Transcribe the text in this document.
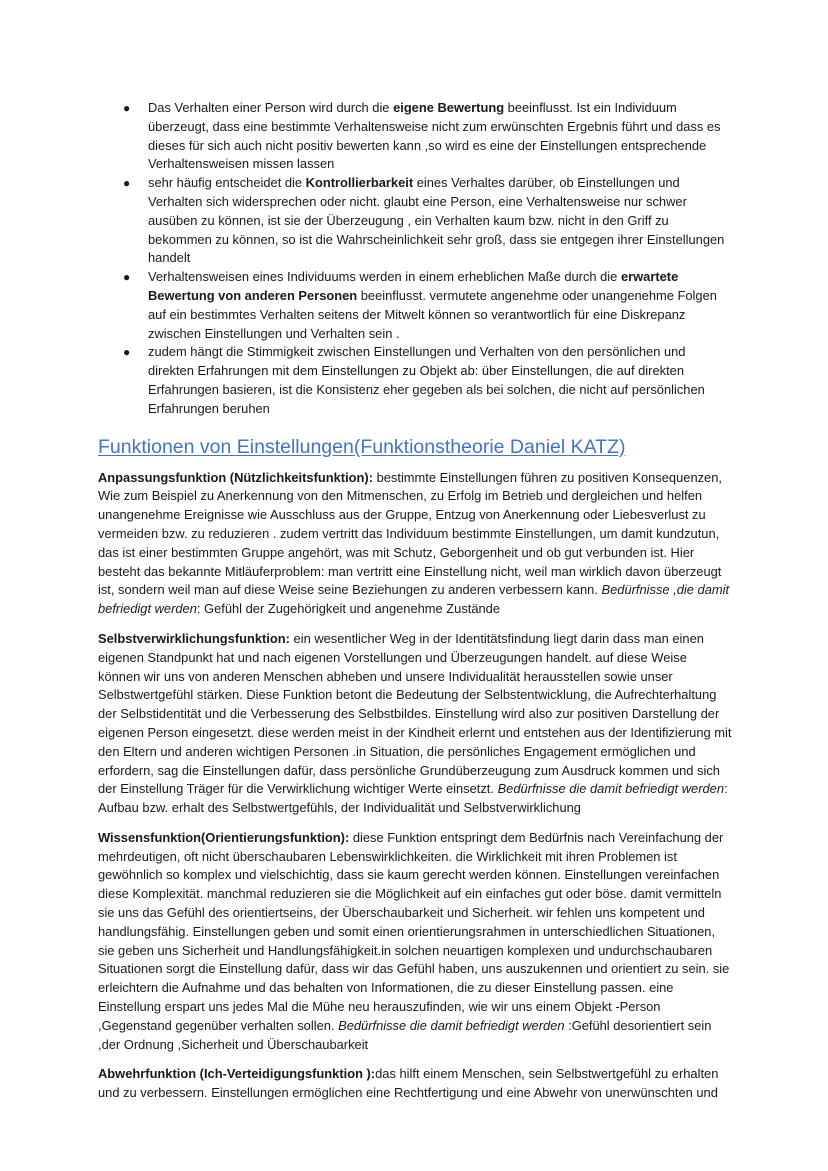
● Das Verhalten einer Person wird durch die eigene Bewertung beeinflusst. Ist ein Individuum überzeugt, dass eine bestimmte Verhaltensweise nicht zum erwünschten Ergebnis führt und dass es dieses für sich auch nicht positiv bewerten kann ,so wird es eine der Einstellungen entsprechende Verhaltensweisen missen lassen
● sehr häufig entscheidet die Kontrollierbarkeit eines Verhaltes darüber, ob Einstellungen und Verhalten sich widersprechen oder nicht. glaubt eine Person, eine Verhaltensweise nur schwer ausüben zu können, ist sie der Überzeugung , ein Verhalten kaum bzw. nicht in den Griff zu bekommen zu können, so ist die Wahrscheinlichkeit sehr groß, dass sie entgegen ihrer Einstellungen handelt
● Verhaltensweisen eines Individuums werden in einem erheblichen Maße durch die erwartete Bewertung von anderen Personen beeinflusst. vermutete angenehme oder unangenehme Folgen auf ein bestimmtes Verhalten seitens der Mitwelt können so verantwortlich für eine Diskrepanz zwischen Einstellungen und Verhalten sein .
● zudem hängt die Stimmigkeit zwischen Einstellungen und Verhalten von den persönlichen und direkten Erfahrungen mit dem Einstellungen zu Objekt ab: über Einstellungen, die auf direkten Erfahrungen basieren, ist die Konsistenz eher gegeben als bei solchen, die nicht auf persönlichen Erfahrungen beruhen
Funktionen von Einstellungen(Funktionstheorie Daniel KATZ)

Anpassungsfunktion (Nützlichkeitsfunktion): bestimmte Einstellungen führen zu positiven Konsequenzen, Wie zum Beispiel zu Anerkennung von den Mitmenschen, zu Erfolg im Betrieb und dergleichen und helfen unangenehme Ereignisse wie Ausschluss aus der Gruppe, Entzug von Anerkennung oder Liebesverlust zu vermeiden bzw. zu reduzieren . zudem vertritt das Individuum bestimmte Einstellungen, um damit kundzutun, das ist einer bestimmten Gruppe angehört, was mit Schutz, Geborgenheit und ob gut verbunden ist. Hier besteht das bekannte Mitläuferproblem: man vertritt eine Einstellung nicht, weil man wirklich davon überzeugt ist, sondern weil man auf diese Weise seine Beziehungen zu anderen verbessern kann. Bedürfnisse ,die damit befriedigt werden: Gefühl der Zugehörigkeit und angenehme Zustände

Selbstverwirklichungsfunktion: ein wesentlicher Weg in der Identitätsfindung liegt darin dass man einen eigenen Standpunkt hat und nach eigenen Vorstellungen und Überzeugungen handelt. auf diese Weise können wir uns von anderen Menschen abheben und unsere Individualität herausstellen sowie unser Selbstwertgefühl stärken. Diese Funktion betont die Bedeutung der Selbstentwicklung, die Aufrechterhaltung der Selbstidentität und die Verbesserung des Selbstbildes. Einstellung wird also zur positiven Darstellung der eigenen Person eingesetzt. diese werden meist in der Kindheit erlernt und entstehen aus der Identifizierung mit den Eltern und anderen wichtigen Personen .in Situation, die persönliches Engagement ermöglichen und erfordern, sag die Einstellungen dafür, dass persönliche Grundüberzeugung zum Ausdruck kommen und sich der Einstellung Träger für die Verwirklichung wichtiger Werte einsetzt. Bedürfnisse die damit befriedigt werden: Aufbau bzw. erhalt des Selbstwertgefühls, der Individualität und Selbstverwirklichung

Wissensfunktion(Orientierungsfunktion): diese Funktion entspringt dem Bedürfnis nach Vereinfachung der mehrdeutigen, oft nicht überschaubaren Lebenswirklichkeiten. die Wirklichkeit mit ihren Problemen ist gewöhnlich so komplex und vielschichtig, dass sie kaum gerecht werden können. Einstellungen vereinfachen diese Komplexität. manchmal reduzieren sie die Möglichkeit auf ein einfaches gut oder böse. damit vermitteln sie uns das Gefühl des orientiertseins, der Überschaubarkeit und Sicherheit. wir fehlen uns kompetent und handlungsfähig. Einstellungen geben und somit einen orientierungsrahmen in unterschiedlichen Situationen, sie geben uns Sicherheit und Handlungsfähigkeit.in solchen neuartigen komplexen und undurchschaubaren Situationen sorgt die Einstellung dafür, dass wir das Gefühl haben, uns auszukennen und orientiert zu sein. sie erleichtern die Aufnahme und das behalten von Informationen, die zu dieser Einstellung passen. eine Einstellung erspart uns jedes Mal die Mühe neu herauszufinden, wie wir uns einem Objekt -Person ,Gegenstand gegenüber verhalten sollen. Bedürfnisse die damit befriedigt werden :Gefühl desorientiert sein ,der Ordnung ,Sicherheit und Überschaubarkeit

Abwehrfunktion (Ich-Verteidigungsfunktion ):das hilft einem Menschen, sein Selbstwertgefühl zu erhalten und zu verbessern. Einstellungen ermöglichen eine Rechtfertigung und eine Abwehr von unerwünschten und
